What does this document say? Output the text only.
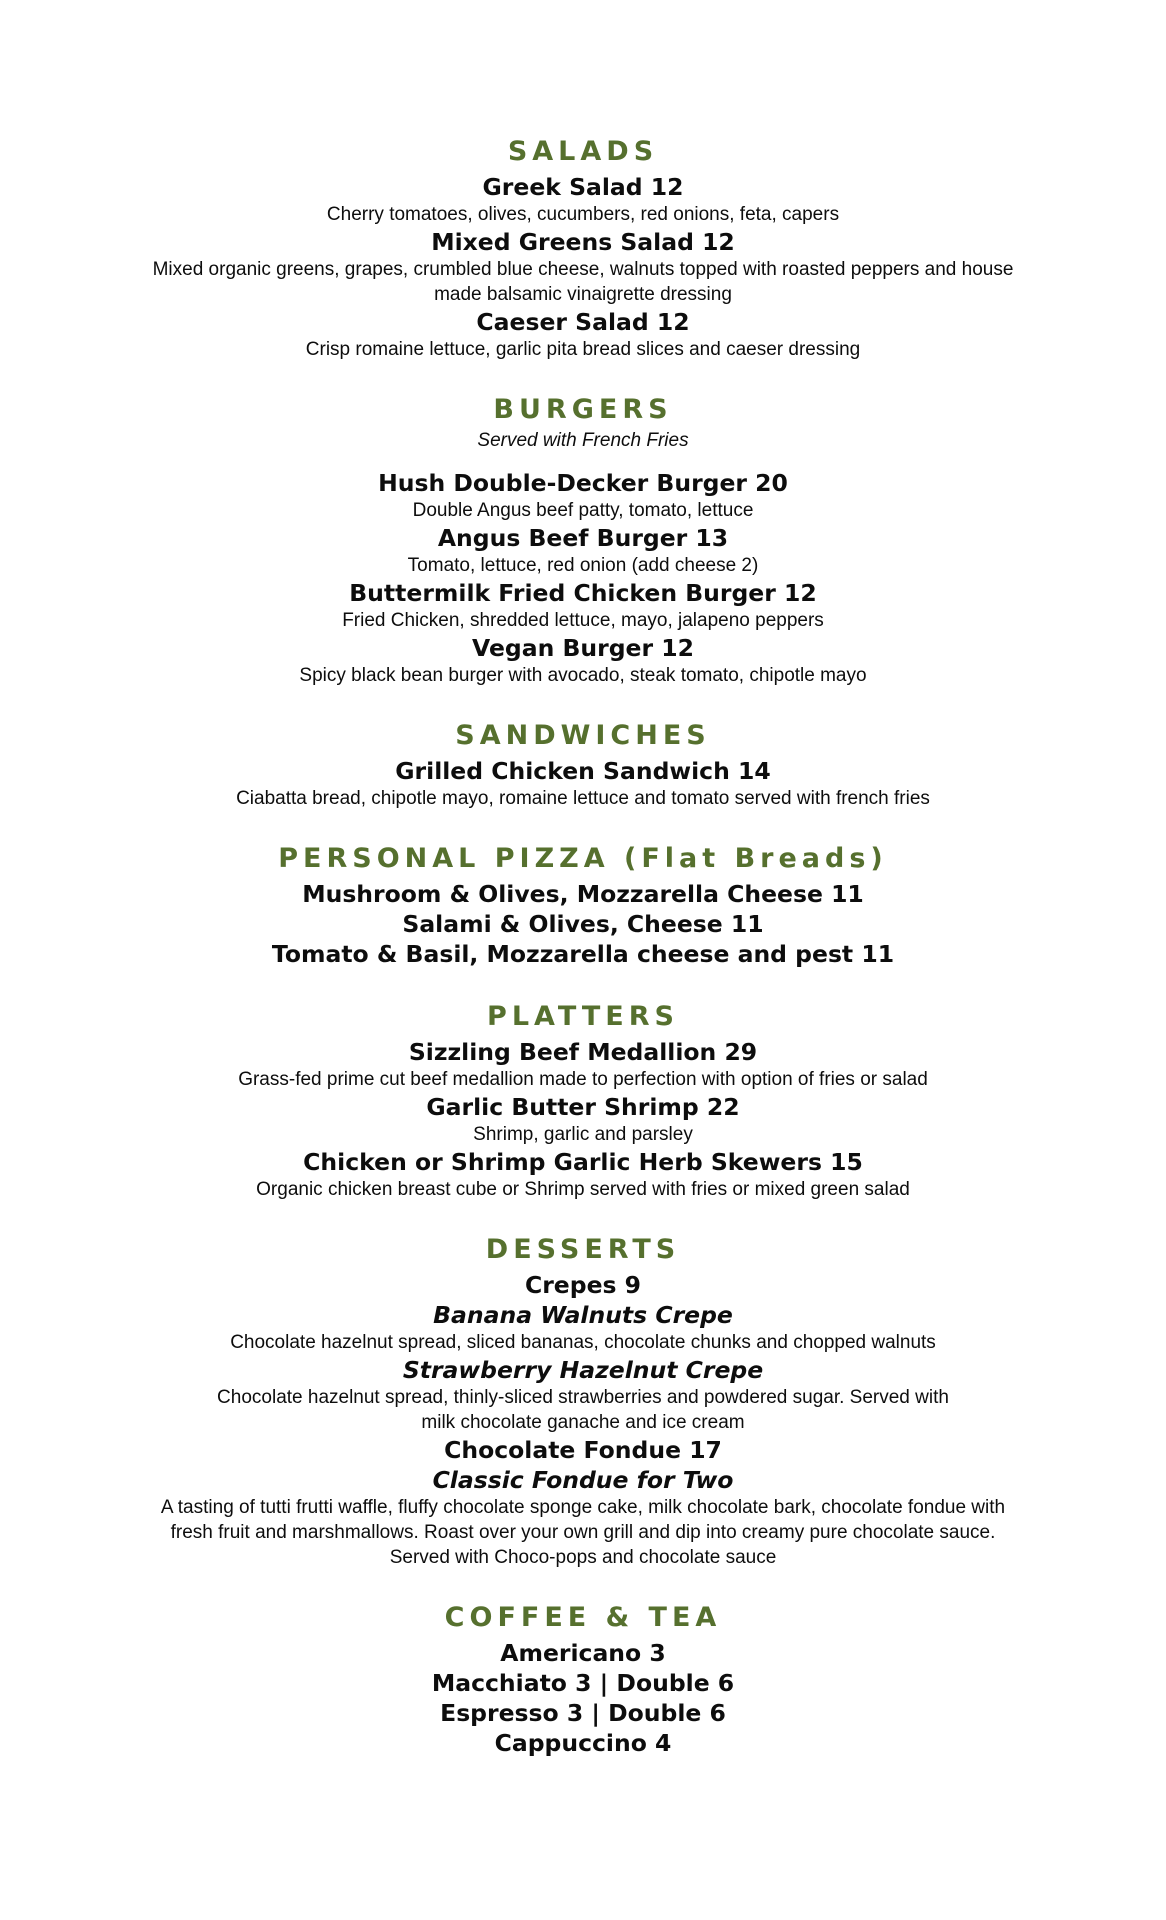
SALADS
Greek Salad 12
Cherry tomatoes, olives, cucumbers, red onions, feta, capers
Mixed Greens Salad 12
Mixed organic greens, grapes, crumbled blue cheese, walnuts topped with roasted peppers and house made balsamic vinaigrette dressing
Caeser Salad 12
Crisp romaine lettuce, garlic pita bread slices and caeser dressing
BURGERS
Served with French Fries
Hush Double-Decker Burger 20
Double Angus beef patty, tomato, lettuce
Angus Beef Burger 13
Tomato, lettuce, red onion (add cheese 2)
Buttermilk Fried Chicken Burger 12
Fried Chicken, shredded lettuce, mayo, jalapeno peppers
Vegan Burger 12
Spicy black bean burger with avocado, steak tomato, chipotle mayo
SANDWICHES
Grilled Chicken Sandwich 14
Ciabatta bread, chipotle mayo, romaine lettuce and tomato served with french fries
PERSONAL PIZZA (Flat Breads)
Mushroom & Olives, Mozzarella Cheese 11
Salami & Olives, Cheese 11
Tomato & Basil, Mozzarella cheese and pest 11
PLATTERS
Sizzling Beef Medallion 29
Grass-fed prime cut beef medallion made to perfection with option of fries or salad
Garlic Butter Shrimp 22
Shrimp, garlic and parsley
Chicken or Shrimp Garlic Herb Skewers 15
Organic chicken breast cube or Shrimp served with fries or mixed green salad
DESSERTS
Crepes 9
Banana Walnuts Crepe
Chocolate hazelnut spread, sliced bananas, chocolate chunks and chopped walnuts
Strawberry Hazelnut Crepe
Chocolate hazelnut spread, thinly-sliced strawberries and powdered sugar. Served with milk chocolate ganache and ice cream
Chocolate Fondue 17
Classic Fondue for Two
A tasting of tutti frutti waffle, fluffy chocolate sponge cake, milk chocolate bark, chocolate fondue with fresh fruit and marshmallows. Roast over your own grill and dip into creamy pure chocolate sauce. Served with Choco-pops and chocolate sauce
COFFEE & TEA
Americano 3
Macchiato 3 | Double 6
Espresso 3 | Double 6
Cappuccino 4
